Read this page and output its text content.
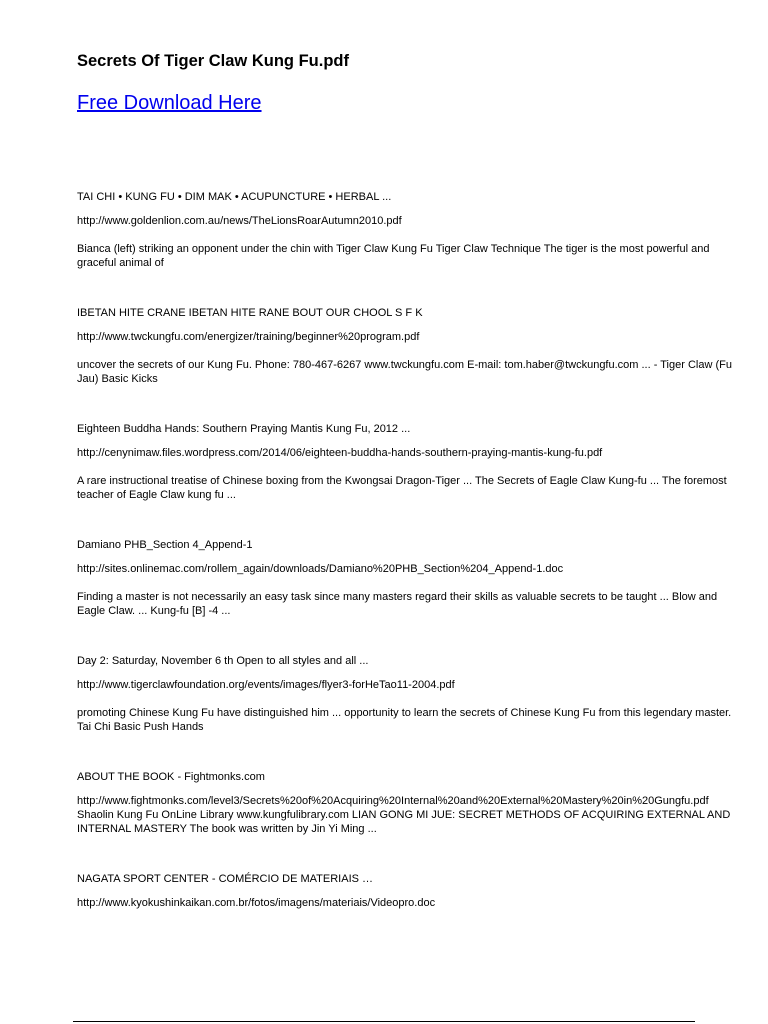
Secrets Of Tiger Claw Kung Fu.pdf
Free Download Here

TAI CHI • KUNG FU • DIM MAK • ACUPUNCTURE • HERBAL ...

http://www.goldenlion.com.au/news/TheLionsRoarAutumn2010.pdf

Bianca (left) striking an opponent under the chin with Tiger Claw Kung Fu Tiger Claw Technique The tiger is the most powerful and graceful animal of

IBETAN HITE CRANE IBETAN HITE RANE BOUT OUR CHOOL S F K

http://www.twckungfu.com/energizer/training/beginner%20program.pdf

uncover the secrets of our Kung Fu. Phone: 780-467-6267 www.twckungfu.com E-mail: tom.haber@twckungfu.com ... - Tiger Claw (Fu Jau) Basic Kicks

Eighteen Buddha Hands: Southern Praying Mantis Kung Fu, 2012 ...

http://cenynimaw.files.wordpress.com/2014/06/eighteen-buddha-hands-southern-praying-mantis-kung-fu.pdf

A rare instructional treatise of Chinese boxing from the Kwongsai Dragon-Tiger ... The Secrets of Eagle Claw Kung-fu ... The foremost teacher of Eagle Claw kung fu ...

Damiano PHB_Section 4_Append-1

http://sites.onlinemac.com/rollem_again/downloads/Damiano%20PHB_Section%204_Append-1.doc

Finding a master is not necessarily an easy task since many masters regard their skills as valuable secrets to be taught ... Blow and Eagle Claw. ... Kung-fu [B] -4 ...

Day 2: Saturday, November 6 th Open to all styles and all ...

http://www.tigerclawfoundation.org/events/images/flyer3-forHeTao11-2004.pdf

promoting Chinese Kung Fu have distinguished him ... opportunity to learn the secrets of Chinese Kung Fu from this legendary master. Tai Chi Basic Push Hands

ABOUT THE BOOK - Fightmonks.com

http://www.fightmonks.com/level3/Secrets%20of%20Acquiring%20Internal%20and%20External%20Mastery%20in%20Gungfu.pdf

Shaolin Kung Fu OnLine Library www.kungfulibrary.com LIAN GONG MI JUE: SECRET METHODS OF ACQUIRING EXTERNAL AND INTERNAL MASTERY The book was written by Jin Yi Ming ...

NAGATA SPORT CENTER - COMÉRCIO DE MATERIAIS …

http://www.kyokushinkaikan.com.br/fotos/imagens/materiais/Videopro.doc
